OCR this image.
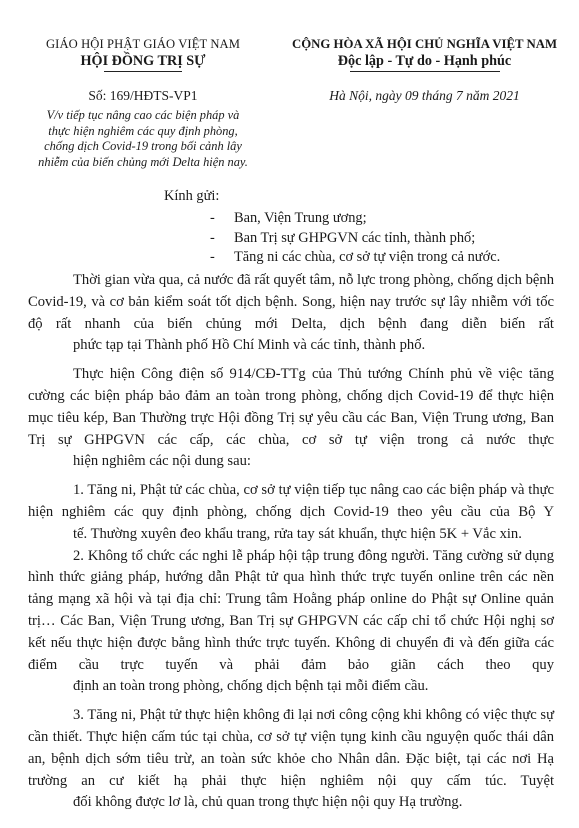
GIÁO HỘI PHẬT GIÁO VIỆT NAM
HỘI ĐỒNG TRỊ SỰ
CỘNG HÒA XÃ HỘI CHỦ NGHĨA VIỆT NAM
Độc lập - Tự do - Hạnh phúc
Số: 169/HĐTS-VP1	Hà Nội, ngày 09 tháng 7 năm 2021
V/v tiếp tục nâng cao các biện pháp và
thực hiện nghiêm các quy định phòng,
chống dịch Covid-19 trong bối cảnh lây
nhiễm của biến chủng mới Delta hiện nay.
Kính gửi:
-	Ban, Viện Trung ương;
-	Ban Trị sự GHPGVN các tỉnh, thành phố;
-	Tăng ni các chùa, cơ sở tự viện trong cả nước.
Thời gian vừa qua, cả nước đã rất quyết tâm, nỗ lực trong phòng, chống dịch bệnh Covid-19, và cơ bản kiểm soát tốt dịch bệnh. Song, hiện nay trước sự lây nhiễm với tốc độ rất nhanh của biến chủng mới Delta, dịch bệnh đang diễn biến rất
phức tạp tại Thành phố Hồ Chí Minh và các tỉnh, thành phố.
Thực hiện Công điện số 914/CĐ-TTg của Thủ tướng Chính phủ về việc tăng cường các biện pháp bảo đảm an toàn trong phòng, chống dịch Covid-19 để thực hiện mục tiêu kép, Ban Thường trực Hội đồng Trị sự yêu cầu các Ban, Viện Trung ương, Ban Trị sự GHPGVN các cấp, các chùa, cơ sở tự viện trong cả nước thực
hiện nghiêm các nội dung sau:
1. Tăng ni, Phật tử các chùa, cơ sở tự viện tiếp tục nâng cao các biện pháp và thực hiện nghiêm các quy định phòng, chống dịch Covid-19 theo yêu cầu của Bộ Y
tế. Thường xuyên đeo khẩu trang, rửa tay sát khuẩn, thực hiện 5K + Vắc xin.
2. Không tổ chức các nghi lễ pháp hội tập trung đông người. Tăng cường sử dụng hình thức giảng pháp, hướng dẫn Phật tử qua hình thức trực tuyến online trên các nền tảng mạng xã hội và tại địa chỉ: Trung tâm Hoằng pháp online do Phật sự Online quản trị… Các Ban, Viện Trung ương, Ban Trị sự GHPGVN các cấp chỉ tổ chức Hội nghị sơ kết nếu thực hiện được bằng hình thức trực tuyến. Không di chuyển đi và đến giữa các điểm cầu trực tuyến và phải đảm bảo giãn cách theo quy
định an toàn trong phòng, chống dịch bệnh tại mỗi điểm cầu.
3. Tăng ni, Phật tử thực hiện không đi lại nơi công cộng khi không có việc thực sự cần thiết. Thực hiện cấm túc tại chùa, cơ sở tự viện tụng kinh cầu nguyện quốc thái dân an, bệnh dịch sớm tiêu trừ, an toàn sức khỏe cho Nhân dân. Đặc biệt, tại các nơi Hạ trường an cư kiết hạ phải thực hiện nghiêm nội quy cấm túc. Tuyệt
đối không được lơ là, chủ quan trong thực hiện nội quy Hạ trường.
